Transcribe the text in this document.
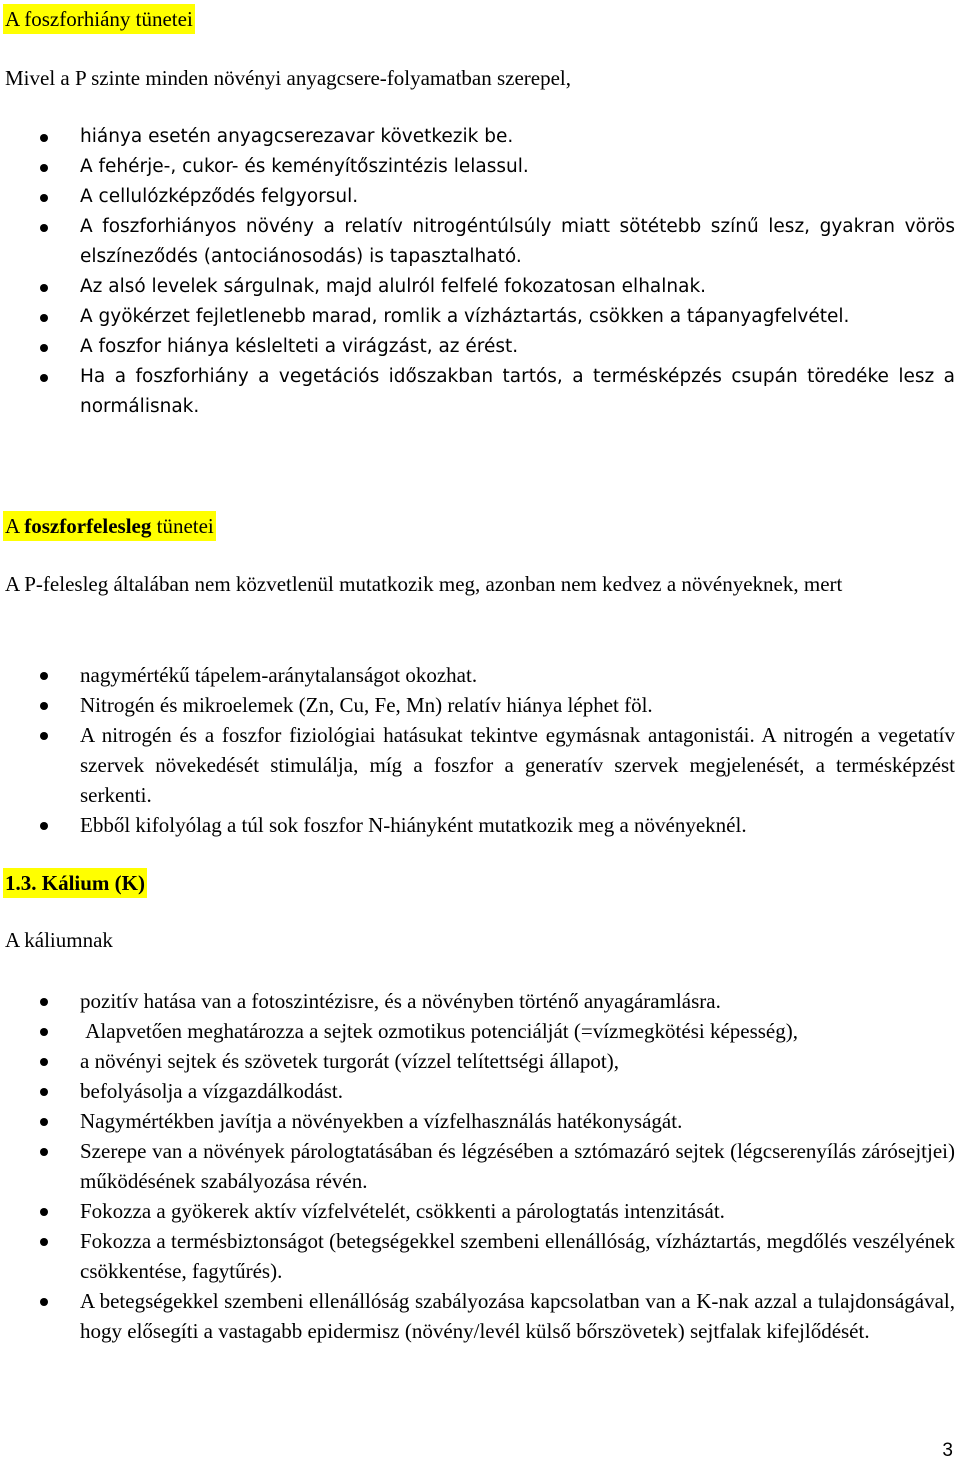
A foszforhiány tünetei
Mivel a P szinte minden növényi anyagcsere-folyamatban szerepel,
hiánya esetén anyagcserezavar következik be.
A fehérje-, cukor- és keményítőszintézis lelassul.
A cellulózképződés felgyorsul.
A foszforhiányos növény a relatív nitrogéntúlsúly miatt sötétebb színű lesz, gyakran vörös elszíneződés (antociánosodás) is tapasztalható.
Az alsó levelek sárgulnak, majd alulról felfelé fokozatosan elhalnak.
A gyökérzet fejletlenebb marad, romlik a vízháztartás, csökken a tápanyagfelvétel.
A foszfor hiánya késlelteti a virágzást, az érést.
Ha a foszforhiány a vegetációs időszakban tartós, a termésképzés csupán töredéke lesz a normálisnak.
A foszforfelesleg tünetei
A P-felesleg általában nem közvetlenül mutatkozik meg, azonban nem kedvez a növényeknek, mert
nagymértékű tápelem-aránytalanságot okozhat.
Nitrogén és mikroelemek (Zn, Cu, Fe, Mn) relatív hiánya léphet föl.
A nitrogén és a foszfor fiziológiai hatásukat tekintve egymásnak antagonistái. A nitrogén a vegetatív szervek növekedését stimulálja, míg a foszfor a generatív szervek megjelenését, a termésképzést serkenti.
Ebből kifolyólag a túl sok foszfor N-hiányként mutatkozik meg a növényeknél.
1.3. Kálium (K)
A káliumnak
pozitív hatása van a fotoszintézisre, és a növényben történő anyagáramlásra.
Alapvetően meghatározza a sejtek ozmotikus potenciálját (=vízmegkötési képesség),
a növényi sejtek és szövetek turgorát (vízzel telítettségi állapot),
befolyásolja a vízgazdálkodást.
Nagymértékben javítja a növényekben a vízfelhasználás hatékonyságát.
Szerepe van a növények párologtatásában és légzésében a sztómazáró sejtek (légcserenyílás zárósejtjei) működésének szabályozása révén.
Fokozza a gyökerek aktív vízfelvételét, csökkenti a párologtatás intenzitását.
Fokozza a termésbiztonságot (betegségekkel szembeni ellenállóság, vízháztartás, megdőlés veszélyének csökkentése, fagytűrés).
A betegségekkel szembeni ellenállóság szabályozása kapcsolatban van a K-nak azzal a tulajdonságával, hogy elősegíti a vastagabb epidermisz (növény/levél külső bőrszövetek) sejtfalak kifejlődését.
3
